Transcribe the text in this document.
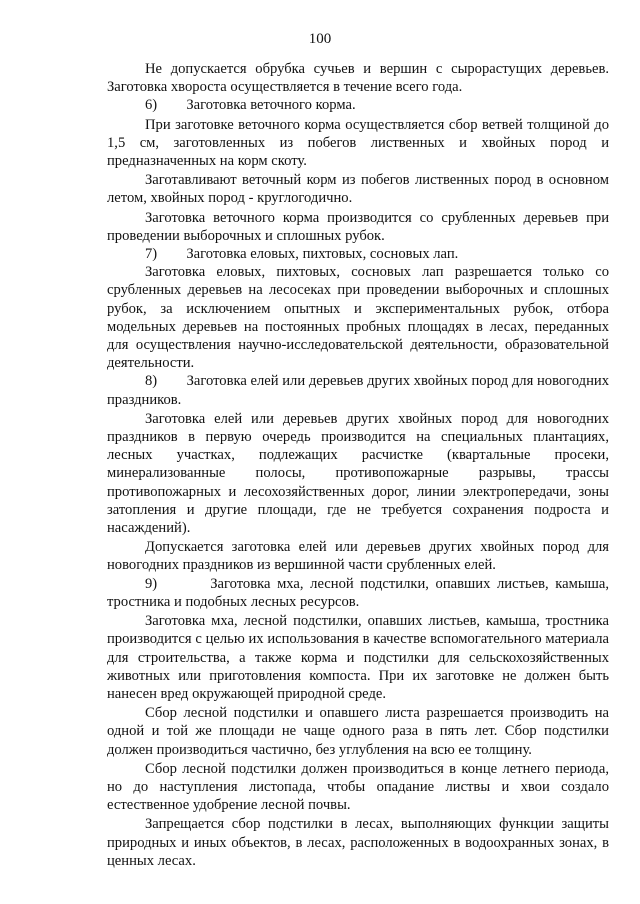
100

Не допускается обрубка сучьев и вершин с сырорастущих деревьев. Заготовка хвороста осуществляется в течение всего года.

6)        Заготовка веточного корма.

При заготовке веточного корма осуществляется сбор ветвей толщиной до 1,5 см, заготовленных из побегов лиственных и хвойных пород и предназначенных на корм скоту.

Заготавливают веточный корм из побегов лиственных пород в основном летом, хвойных пород - круглогодично.

Заготовка веточного корма производится со срубленных деревьев при проведении выборочных и сплошных рубок.

7)        Заготовка еловых, пихтовых, сосновых лап.

Заготовка еловых, пихтовых, сосновых лап разрешается только со срубленных деревьев на лесосеках при проведении выборочных и сплошных рубок, за исключением опытных и экспериментальных рубок, отбора модельных деревьев на постоянных пробных площадях в лесах, переданных для осуществления научно-исследовательской деятельности, образовательной деятельности.

8)        Заготовка елей или деревьев других хвойных пород для новогодних праздников.

Заготовка елей или деревьев других хвойных пород для новогодних праздников в первую очередь производится на специальных плантациях, лесных участках, подлежащих расчистке (квартальные просеки, минерализованные полосы, противопожарные разрывы, трассы противопожарных и лесохозяйственных дорог, линии электропередачи, зоны затопления и другие площади, где не требуется сохранения подроста и насаждений).

Допускается заготовка елей или деревьев других хвойных пород для новогодних праздников из вершинной части срубленных елей.

9)        Заготовка мха, лесной подстилки, опавших листьев, камыша, тростника и подобных лесных ресурсов.

Заготовка мха, лесной подстилки, опавших листьев, камыша, тростника производится с целью их использования в качестве вспомогательного материала для строительства, а также корма и подстилки для сельскохозяйственных животных или приготовления компоста. При их заготовке не должен быть нанесен вред окружающей природной среде.

Сбор лесной подстилки и опавшего листа разрешается производить на одной и той же площади не чаще одного раза в пять лет. Сбор подстилки должен производиться частично, без углубления на всю ее толщину.

Сбор лесной подстилки должен производиться в конце летнего периода, но до наступления листопада, чтобы опадание листвы и хвои создало естественное удобрение лесной почвы.

Запрещается сбор подстилки в лесах, выполняющих функции защиты природных и иных объектов, в лесах, расположенных в водоохранных зонах, в ценных лесах.
